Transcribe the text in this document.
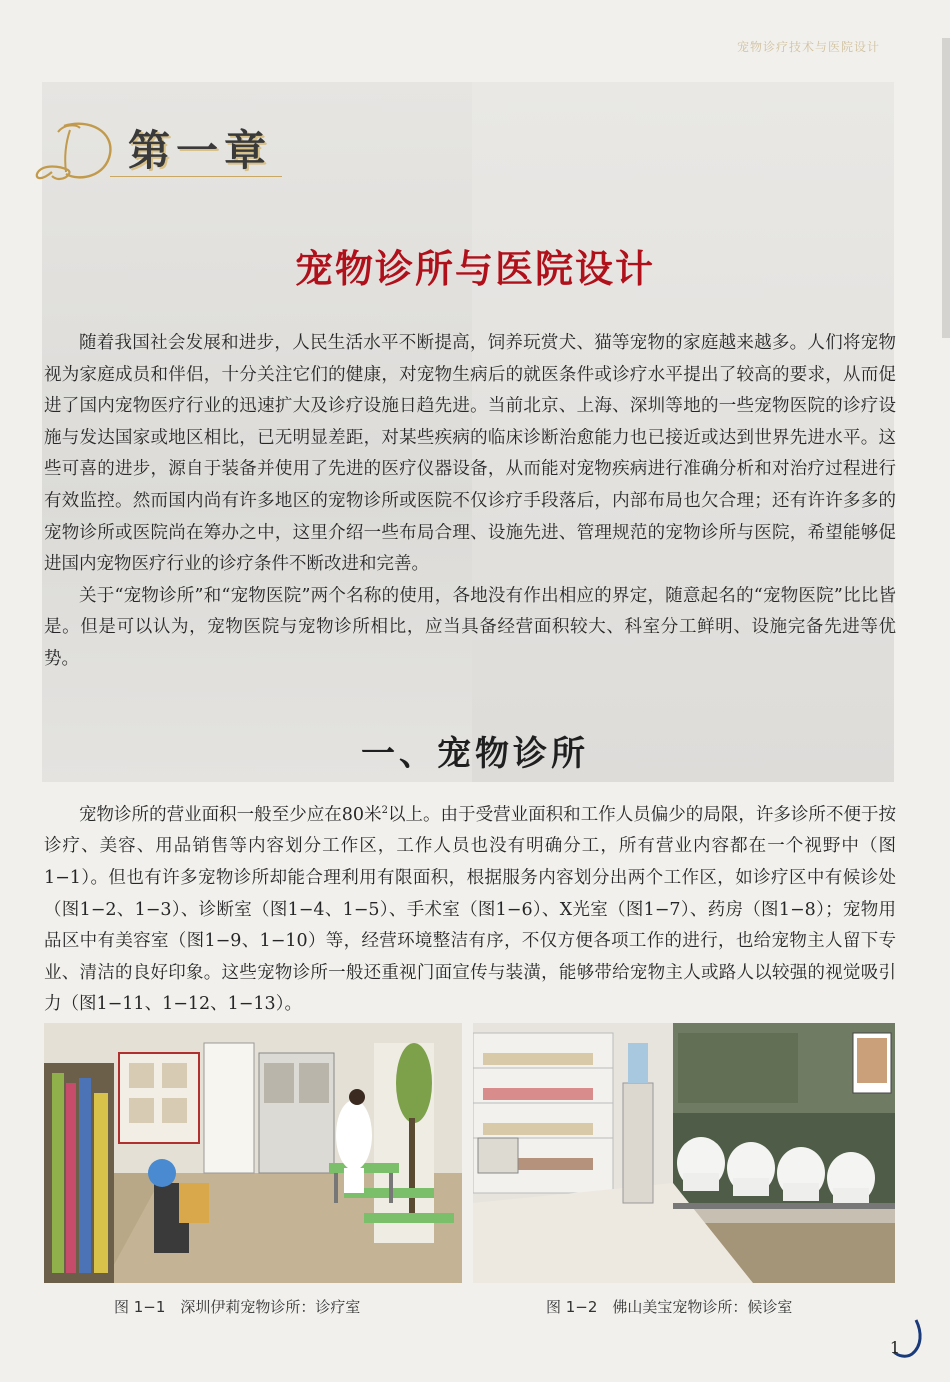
宠物诊疗技术与医院设计
第一章
宠物诊所与医院设计

随着我国社会发展和进步，人民生活水平不断提高，饲养玩赏犬、猫等宠物的家庭越来越多。人们将宠物视为家庭成员和伴侣，十分关注它们的健康，对宠物生病后的就医条件或诊疗水平提出了较高的要求，从而促进了国内宠物医疗行业的迅速扩大及诊疗设施日趋先进。当前北京、上海、深圳等地的一些宠物医院的诊疗设施与发达国家或地区相比，已无明显差距，对某些疾病的临床诊断治愈能力也已接近或达到世界先进水平。这些可喜的进步，源自于装备并使用了先进的医疗仪器设备，从而能对宠物疾病进行准确分析和对治疗过程进行有效监控。然而国内尚有许多地区的宠物诊所或医院不仅诊疗手段落后，内部布局也欠合理；还有许许多多的宠物诊所或医院尚在筹办之中，这里介绍一些布局合理、设施先进、管理规范的宠物诊所与医院，希望能够促进国内宠物医疗行业的诊疗条件不断改进和完善。

关于“宠物诊所”和“宠物医院”两个名称的使用，各地没有作出相应的界定，随意起名的“宠物医院”比比皆是。但是可以认为，宠物医院与宠物诊所相比，应当具备经营面积较大、科室分工鲜明、设施完备先进等优势。

一、宠物诊所

宠物诊所的营业面积一般至少应在80米$^2$以上。由于受营业面积和工作人员偏少的局限，许多诊所不便于按诊疗、美容、用品销售等内容划分工作区，工作人员也没有明确分工，所有营业内容都在一个视野中（图1−1）。但也有许多宠物诊所却能合理利用有限面积，根据服务内容划分出两个工作区，如诊疗区中有候诊处（图1−2、1−3）、诊断室（图1−4、1−5）、手术室（图1−6）、X光室（图1−7）、药房（图1−8）；宠物用品区中有美容室（图1−9、1−10）等，经营环境整洁有序，不仅方便各项工作的进行，也给宠物主人留下专业、清洁的良好印象。这些宠物诊所一般还重视门面宣传与装潢，能够带给宠物主人或路人以较强的视觉吸引力（图1−11、1−12、1−13）。

图 1−1　深圳伊莉宠物诊所：诊疗室	图 1−2　佛山美宝宠物诊所：候诊室
1
